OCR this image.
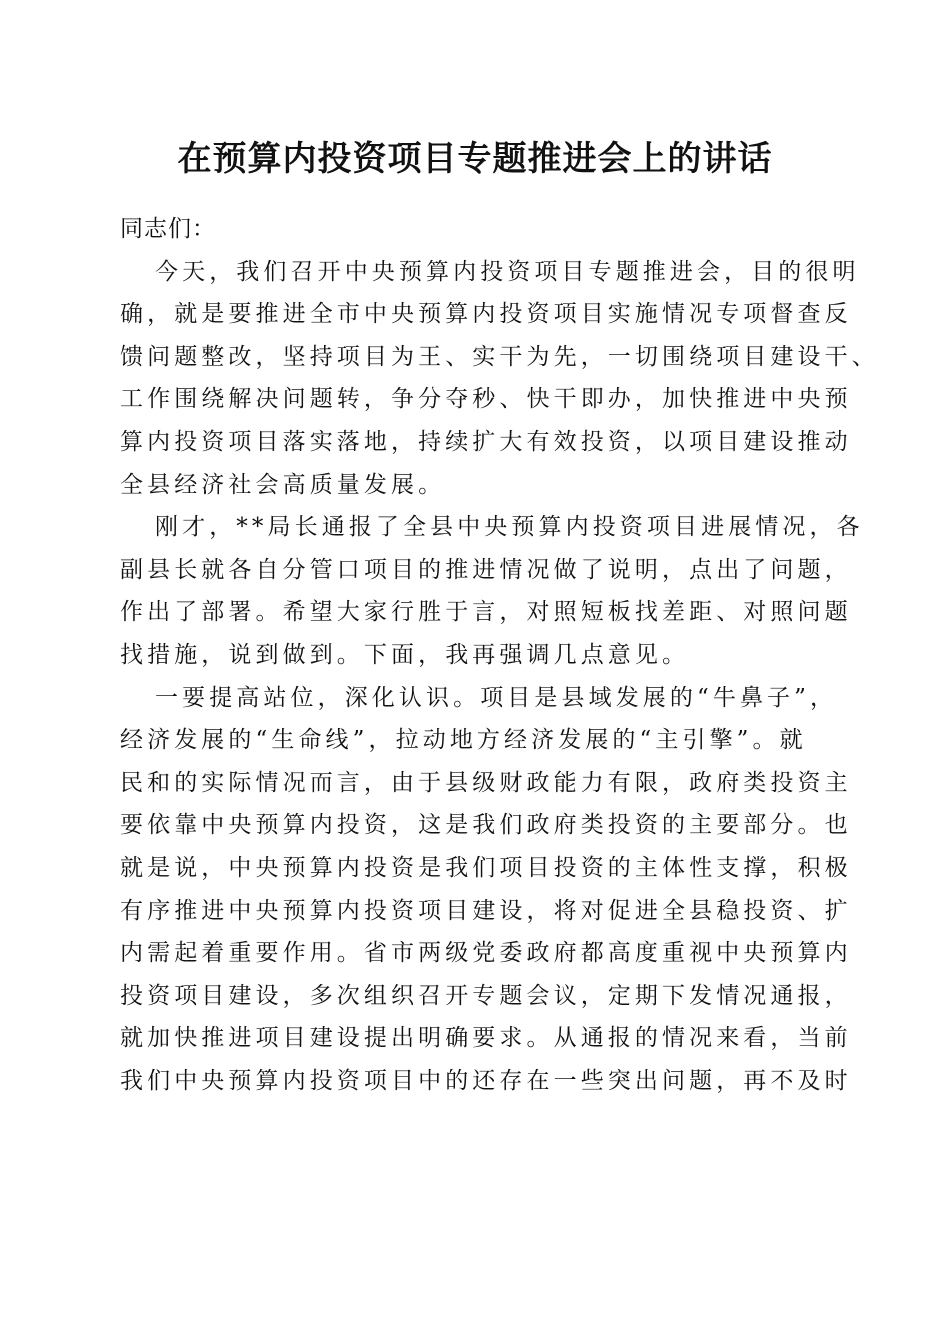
在预算内投资项目专题推进会上的讲话
同志们：
今天，我们召开中央预算内投资项目专题推进会，目的很明
确，就是要推进全市中央预算内投资项目实施情况专项督查反
馈问题整改，坚持项目为王、实干为先，一切围绕项目建设干、
工作围绕解决问题转，争分夺秒、快干即办，加快推进中央预
算内投资项目落实落地，持续扩大有效投资，以项目建设推动
全县经济社会高质量发展。
刚才，**局长通报了全县中央预算内投资项目进展情况，各
副县长就各自分管口项目的推进情况做了说明，点出了问题，
作出了部署。希望大家行胜于言，对照短板找差距、对照问题
找措施，说到做到。下面，我再强调几点意见。
一要提高站位，深化认识。项目是县域发展的“牛鼻子”，
经济发展的“生命线”，拉动地方经济发展的“主引擎”。就
民和的实际情况而言，由于县级财政能力有限，政府类投资主
要依靠中央预算内投资，这是我们政府类投资的主要部分。也
就是说，中央预算内投资是我们项目投资的主体性支撑，积极
有序推进中央预算内投资项目建设，将对促进全县稳投资、扩
内需起着重要作用。省市两级党委政府都高度重视中央预算内
投资项目建设，多次组织召开专题会议，定期下发情况通报，
就加快推进项目建设提出明确要求。从通报的情况来看，当前
我们中央预算内投资项目中的还存在一些突出问题，再不及时
